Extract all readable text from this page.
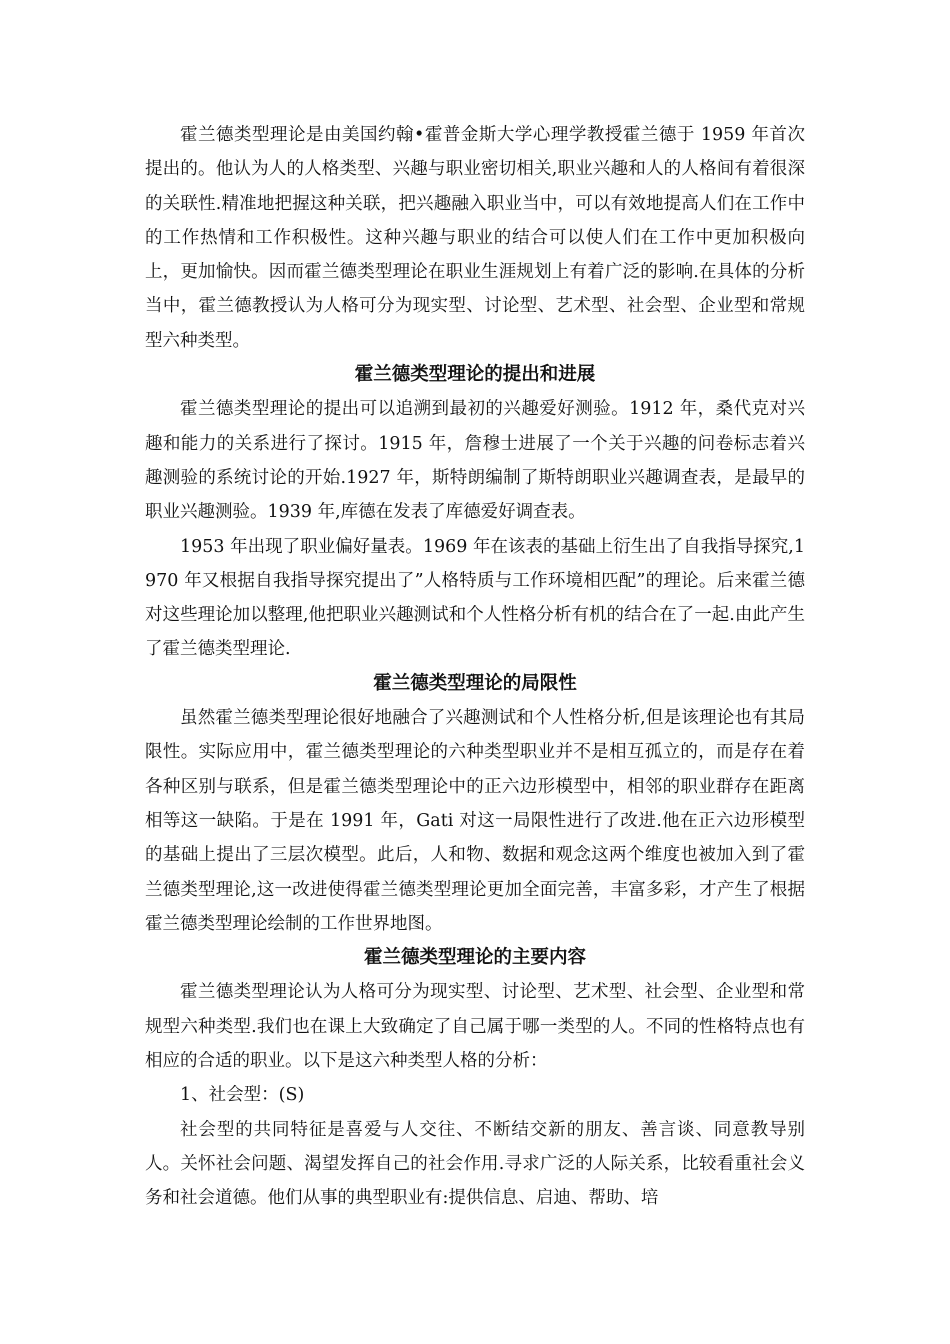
霍兰德类型理论是由美国约翰•霍普金斯大学心理学教授霍兰德于 1959 年首次提出的。他认为人的人格类型、兴趣与职业密切相关,职业兴趣和人的人格间有着很深的关联性.精准地把握这种关联，把兴趣融入职业当中，可以有效地提高人们在工作中的工作热情和工作积极性。这种兴趣与职业的结合可以使人们在工作中更加积极向上，更加愉快。因而霍兰德类型理论在职业生涯规划上有着广泛的影响.在具体的分析当中，霍兰德教授认为人格可分为现实型、讨论型、艺术型、社会型、企业型和常规型六种类型。

霍兰德类型理论的提出和进展

霍兰德类型理论的提出可以追溯到最初的兴趣爱好测验。1912 年，桑代克对兴趣和能力的关系进行了探讨。1915 年，詹穆士进展了一个关于兴趣的问卷标志着兴趣测验的系统讨论的开始.1927 年，斯特朗编制了斯特朗职业兴趣调查表，是最早的职业兴趣测验。1939 年,库德在发表了库德爱好调查表。

1953 年出现了职业偏好量表。1969 年在该表的基础上衍生出了自我指导探究,1970 年又根据自我指导探究提出了”人格特质与工作环境相匹配”的理论。后来霍兰德对这些理论加以整理,他把职业兴趣测试和个人性格分析有机的结合在了一起.由此产生了霍兰德类型理论.

霍兰德类型理论的局限性

虽然霍兰德类型理论很好地融合了兴趣测试和个人性格分析,但是该理论也有其局限性。实际应用中，霍兰德类型理论的六种类型职业并不是相互孤立的，而是存在着各种区别与联系，但是霍兰德类型理论中的正六边形模型中，相邻的职业群存在距离相等这一缺陷。于是在 1991 年，Gati 对这一局限性进行了改进.他在正六边形模型的基础上提出了三层次模型。此后，人和物、数据和观念这两个维度也被加入到了霍兰德类型理论,这一改进使得霍兰德类型理论更加全面完善，丰富多彩，才产生了根据霍兰德类型理论绘制的工作世界地图。

霍兰德类型理论的主要内容

霍兰德类型理论认为人格可分为现实型、讨论型、艺术型、社会型、企业型和常规型六种类型.我们也在课上大致确定了自己属于哪一类型的人。不同的性格特点也有相应的合适的职业。以下是这六种类型人格的分析：

1、社会型：(S)

社会型的共同特征是喜爱与人交往、不断结交新的朋友、善言谈、同意教导别人。关怀社会问题、渴望发挥自己的社会作用.寻求广泛的人际关系，比较看重社会义务和社会道德。他们从事的典型职业有:提供信息、启迪、帮助、培
